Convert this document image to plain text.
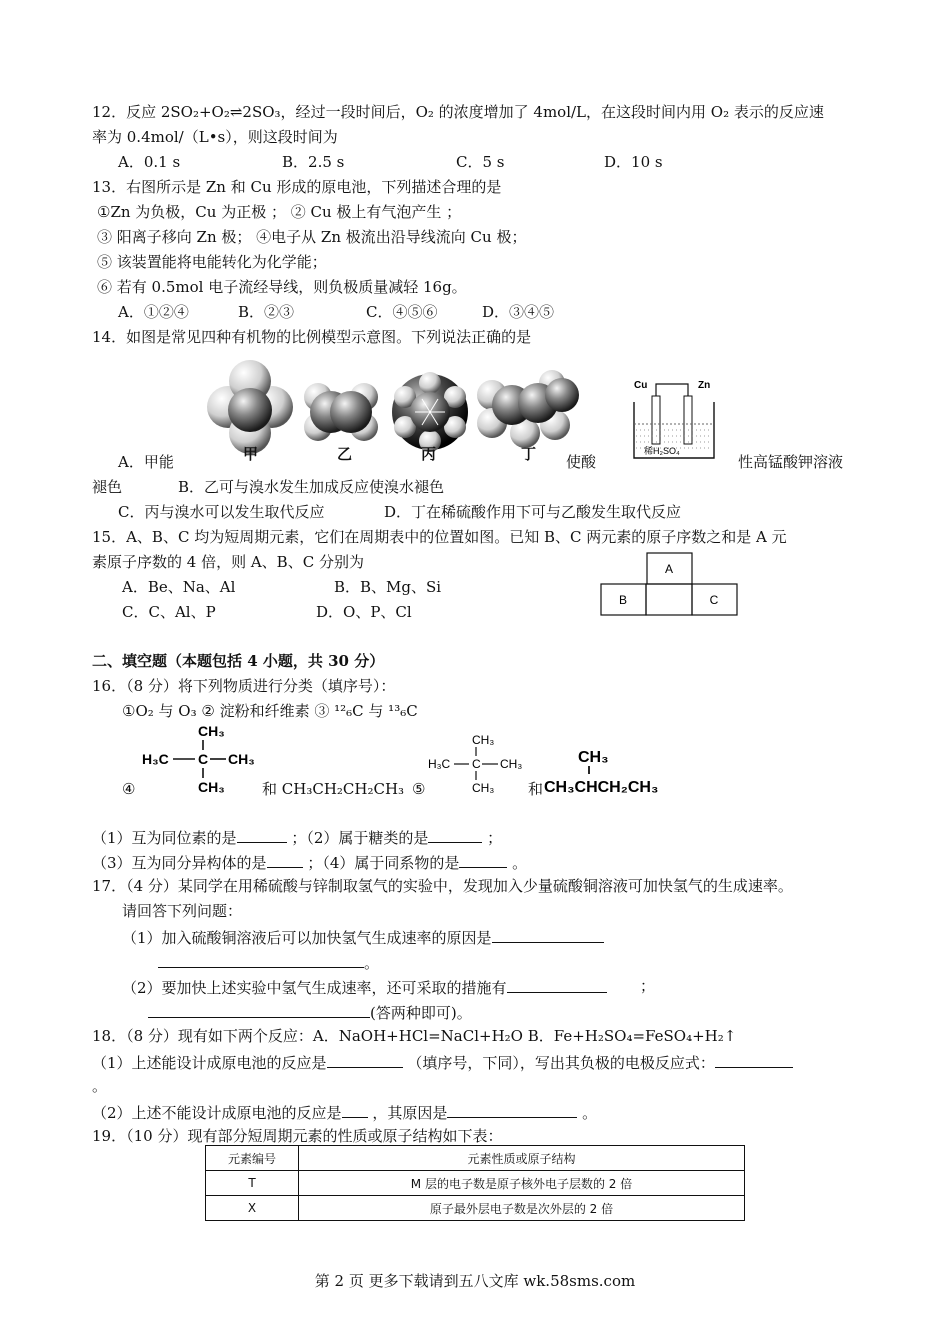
12．反应 2SO₂+O₂⇌2SO₃，经过一段时间后，O₂ 的浓度增加了 4mol/L，在这段时间内用 O₂ 表示的反应速
率为 0.4mol/（L•s），则这段时间为
A．0.1 s	B．2.5 s	C．5 s	D．10 s
13．右图所示是 Zn 和 Cu 形成的原电池，下列描述合理的是
①Zn 为负极，Cu 为正极 ； ② Cu 极上有气泡产生 ；
③ 阳离子移向 Zn 极； ④电子从 Zn 极流出沿导线流向 Cu 极；
⑤ 该装置能将电能转化为化学能；
⑥ 若有 0.5mol 电子流经导线，则负极质量减轻 16g。
A．①②④	B．②③	C．④⑤⑥	D．③④⑤
14．如图是常见四种有机物的比例模型示意图。下列说法正确的是
甲	乙	丙	丁
Cu	Zn
稀H₂SO₄
A．甲能	使酸	性高锰酸钾溶液
褪色	B．乙可与溴水发生加成反应使溴水褪色
C．丙与溴水可以发生取代反应	D．丁在稀硫酸作用下可与乙酸发生取代反应
15．A、B、C 均为短周期元素，它们在周期表中的位置如图。已知 B、C 两元素的原子序数之和是 A 元
素原子序数的 4 倍，则 A、B、C 分别为
A．Be、Na、Al	B．B、Mg、Si
C．C、Al、P	D．O、P、Cl
A
B	C
二、填空题（本题包括 4 小题，共 30 分）
16．（8 分）将下列物质进行分类（填序号）：
①O₂ 与 O₃ ② 淀粉和纤维素 ③ ¹²₆C 与 ¹³₆C
CH₃
H₃C C CH₃
CH₃
④	和 CH₃CH₂CH₂CH₃ ⑤
CH₃
H₃C C CH₃
CH₃ 和
CH₃
CH₃CHCH₂CH₃
（1）互为同位素的是	；（2）属于糖类的是	；
（3）互为同分异构体的是	；（4）属于同系物的是	。
17．（4 分）某同学在用稀硫酸与锌制取氢气的实验中，发现加入少量硫酸铜溶液可加快氢气的生成速率。
请回答下列问题：
（1）加入硫酸铜溶液后可以加快氢气生成速率的原因是
。
（2）要加快上述实验中氢气生成速率，还可采取的措施有	；
(答两种即可)。
18．（8 分）现有如下两个反应：A．NaOH+HCl=NaCl+H₂O B．Fe+H₂SO₄=FeSO₄+H₂↑
（1）上述能设计成原电池的反应是	（填序号，下同），写出其负极的电极反应式：
。
（2）上述不能设计成原电池的反应是 ，其原因是	。
19．（10 分）现有部分短周期元素的性质或原子结构如下表：
元素编号	元素性质或原子结构
T	M 层的电子数是原子核外电子层数的 2 倍
X	原子最外层电子数是次外层的 2 倍
第 2 页 更多下载请到五八文库 wk.58sms.com
